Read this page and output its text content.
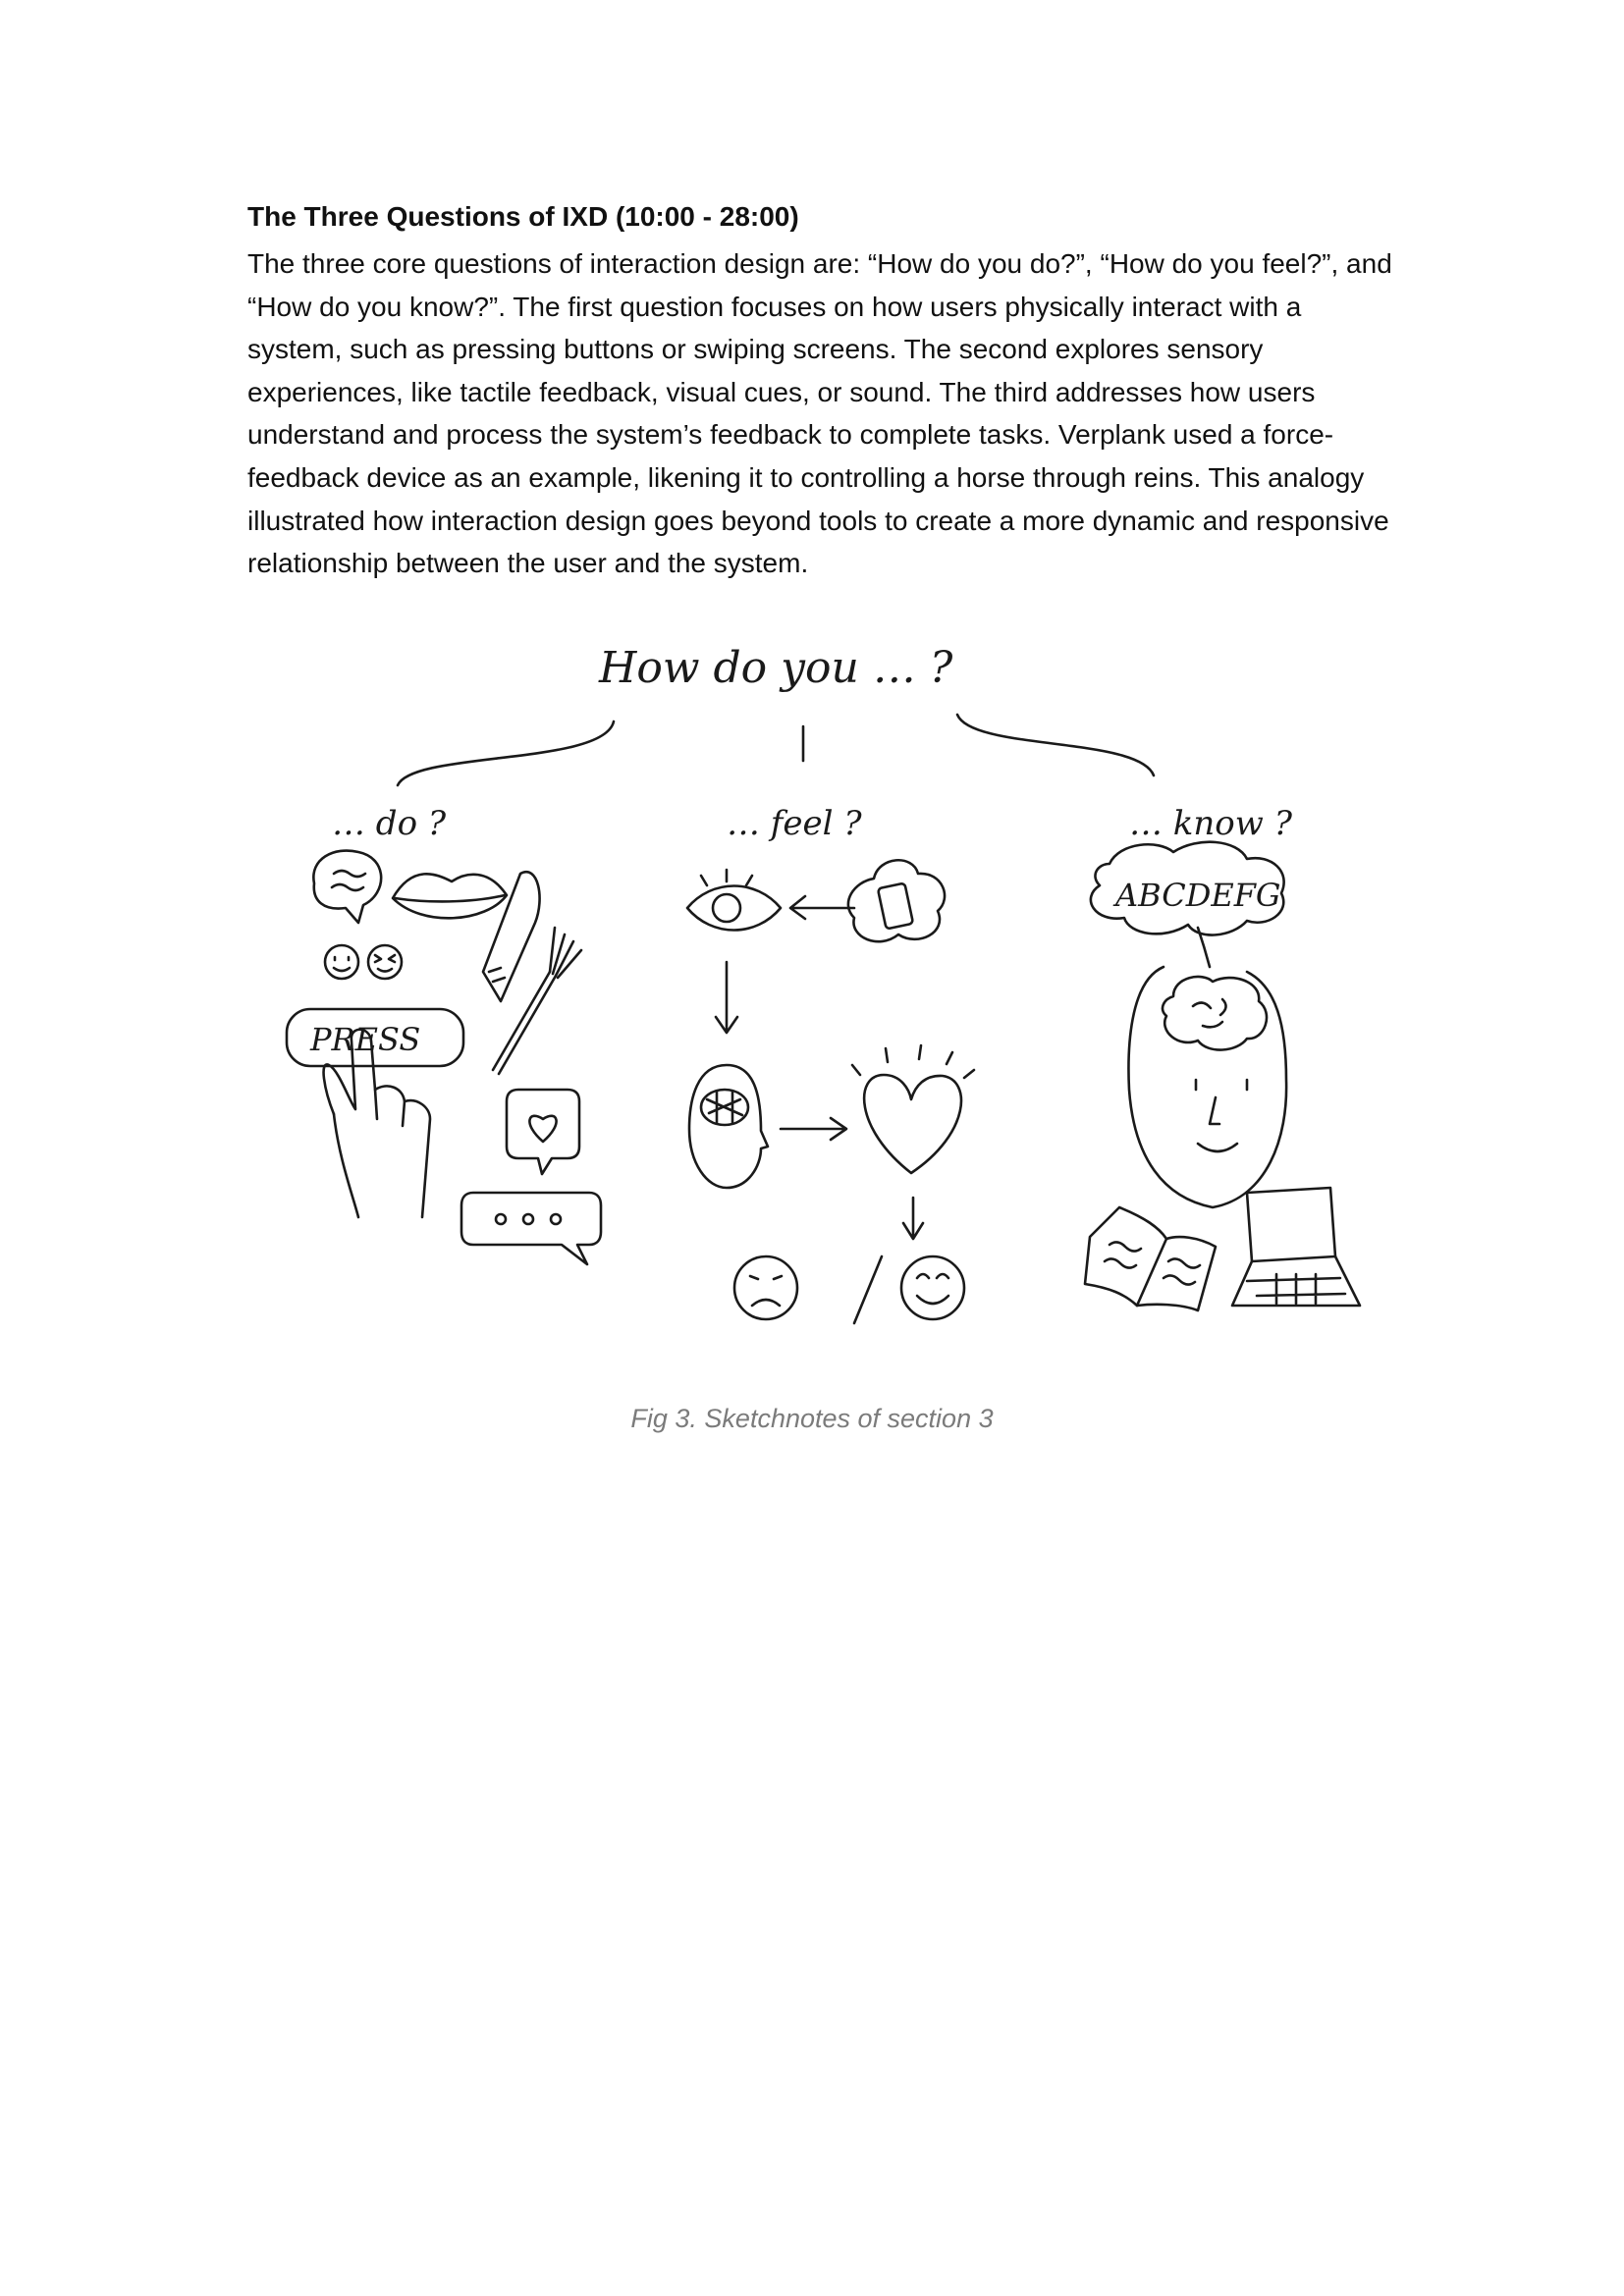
The Three Questions of IXD (10:00 - 28:00)

The three core questions of interaction design are: “How do you do?”, “How do you feel?”, and “How do you know?”. The first question focuses on how users physically interact with a system, such as pressing buttons or swiping screens. The second explores sensory experiences, like tactile feedback, visual cues, or sound. The third addresses how users understand and process the system’s feedback to complete tasks. Verplank used a force-feedback device as an example, likening it to controlling a horse through reins. This analogy illustrated how interaction design goes beyond tools to create a more dynamic and responsive relationship between the user and the system.

How do you … ?
… do ?	… feel ?	… know ?
PRESS
ABCDEFG

Fig 3. Sketchnotes of section 3
